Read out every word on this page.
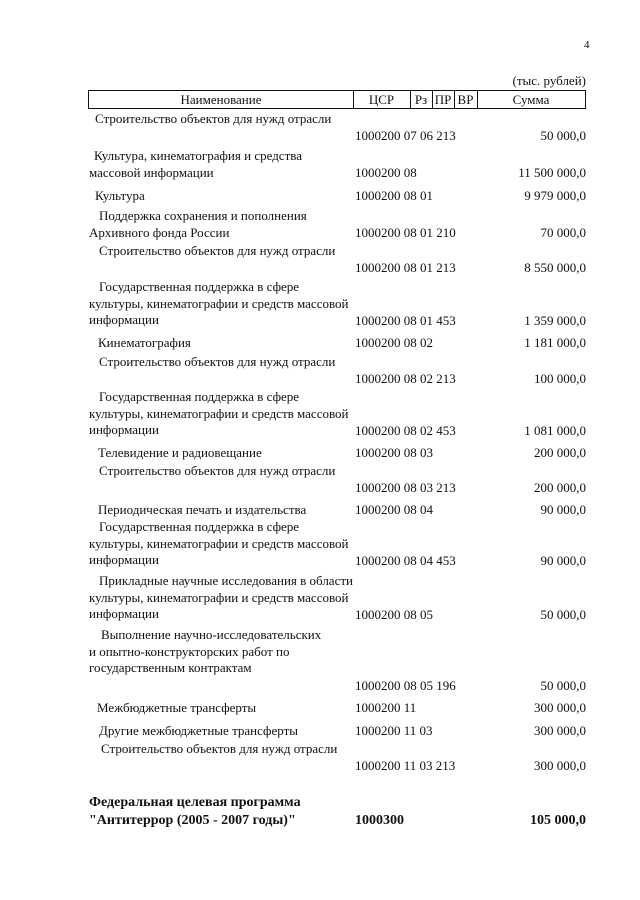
4
(тыс. рублей)
Наименование	ЦСР	Рз ПР ВР	Сумма
Строительство объектов для нужд отрасли
1000200 07 06 213	50 000,0
Культура, кинематография и средства массовой информации	1000200 08	11 500 000,0
Культура	1000200 08 01	9 979 000,0
Поддержка сохранения и пополнения Архивного фонда России	1000200 08 01 210	70 000,0
Строительство объектов для нужд отрасли
1000200 08 01 213	8 550 000,0
Государственная поддержка в сфере культуры, кинематографии и средств массовой информации	1000200 08 01 453	1 359 000,0
Кинематография	1000200 08 02	1 181 000,0
Строительство объектов для нужд отрасли
1000200 08 02 213	100 000,0
Государственная поддержка в сфере культуры, кинематографии и средств массовой информации	1000200 08 02 453	1 081 000,0
Телевидение и радиовещание	1000200 08 03	200 000,0
Строительство объектов для нужд отрасли
1000200 08 03 213	200 000,0
Периодическая печать и издательства	1000200 08 04	90 000,0
Государственная поддержка в сфере культуры, кинематографии и средств массовой информации	1000200 08 04 453	90 000,0
Прикладные научные исследования в области культуры, кинематографии и средств массовой информации	1000200 08 05	50 000,0
Выполнение научно-исследовательских и опытно-конструкторских работ по государственным контрактам
1000200 08 05 196	50 000,0
Межбюджетные трансферты	1000200 11	300 000,0
Другие межбюджетные трансферты	1000200 11 03	300 000,0
Строительство объектов для нужд отрасли
1000200 11 03 213	300 000,0
Федеральная целевая программа "Антитеррор (2005 - 2007 годы)"	1000300	105 000,0
